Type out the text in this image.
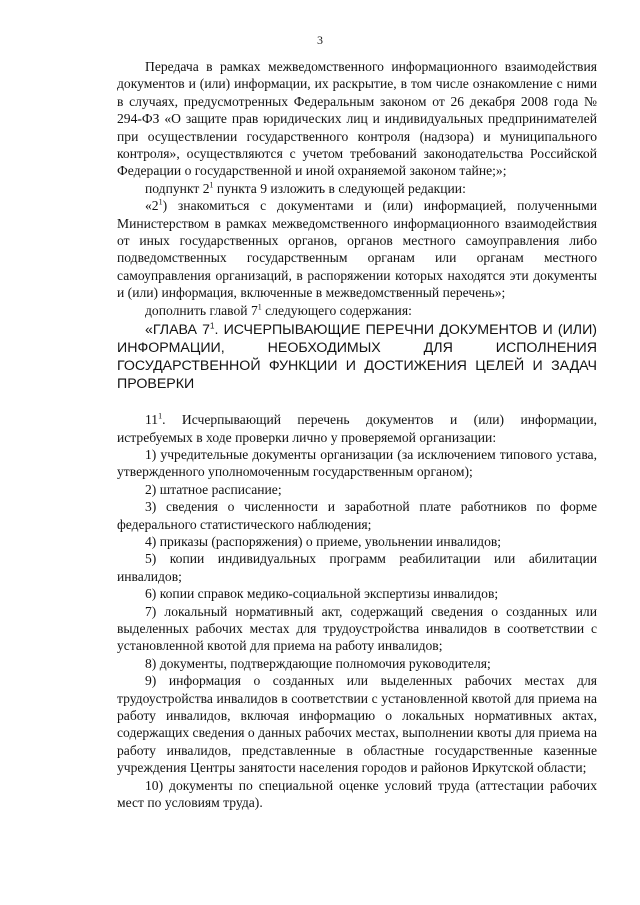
3

Передача в рамках межведомственного информационного взаимодействия документов и (или) информации, их раскрытие, в том числе ознакомление с ними в случаях, предусмотренных Федеральным законом от 26 декабря 2008 года № 294-ФЗ «О защите прав юридических лиц и индивидуальных предпринимателей при осуществлении государственного контроля (надзора) и муниципального контроля», осуществляются с учетом требований законодательства Российской Федерации о государственной и иной охраняемой законом тайне;»;

подпункт $2^1$ пункта 9 изложить в следующей редакции:

«$2^1$) знакомиться с документами и (или) информацией, полученными Министерством в рамках межведомственного информационного взаимодействия от иных государственных органов, органов местного самоуправления либо подведомственных государственным органам или органам местного самоуправления организаций, в распоряжении которых находятся эти документы и (или) информация, включенные в межведомственный перечень»;

дополнить главой $7^1$ следующего содержания:

«ГЛАВА $7^1$. ИСЧЕРПЫВАЮЩИЕ ПЕРЕЧНИ ДОКУМЕНТОВ И (ИЛИ) ИНФОРМАЦИИ, НЕОБХОДИМЫХ ДЛЯ ИСПОЛНЕНИЯ ГОСУДАРСТВЕННОЙ ФУНКЦИИ И ДОСТИЖЕНИЯ ЦЕЛЕЙ И ЗАДАЧ ПРОВЕРКИ

$11^1$. Исчерпывающий перечень документов и (или) информации, истребуемых в ходе проверки лично у проверяемой организации:

1) учредительные документы организации (за исключением типового устава, утвержденного уполномоченным государственным органом);

2) штатное расписание;

3) сведения о численности и заработной плате работников по форме федерального статистического наблюдения;

4) приказы (распоряжения) о приеме, увольнении инвалидов;

5) копии индивидуальных программ реабилитации или абилитации инвалидов;

6) копии справок медико-социальной экспертизы инвалидов;

7) локальный нормативный акт, содержащий сведения о созданных или выделенных рабочих местах для трудоустройства инвалидов в соответствии с установленной квотой для приема на работу инвалидов;

8) документы, подтверждающие полномочия руководителя;

9) информация о созданных или выделенных рабочих местах для трудоустройства инвалидов в соответствии с установленной квотой для приема на работу инвалидов, включая информацию о локальных нормативных актах, содержащих сведения о данных рабочих местах, выполнении квоты для приема на работу инвалидов, представленные в областные государственные казенные учреждения Центры занятости населения городов и районов Иркутской области;

10) документы по специальной оценке условий труда (аттестации рабочих мест по условиям труда).
